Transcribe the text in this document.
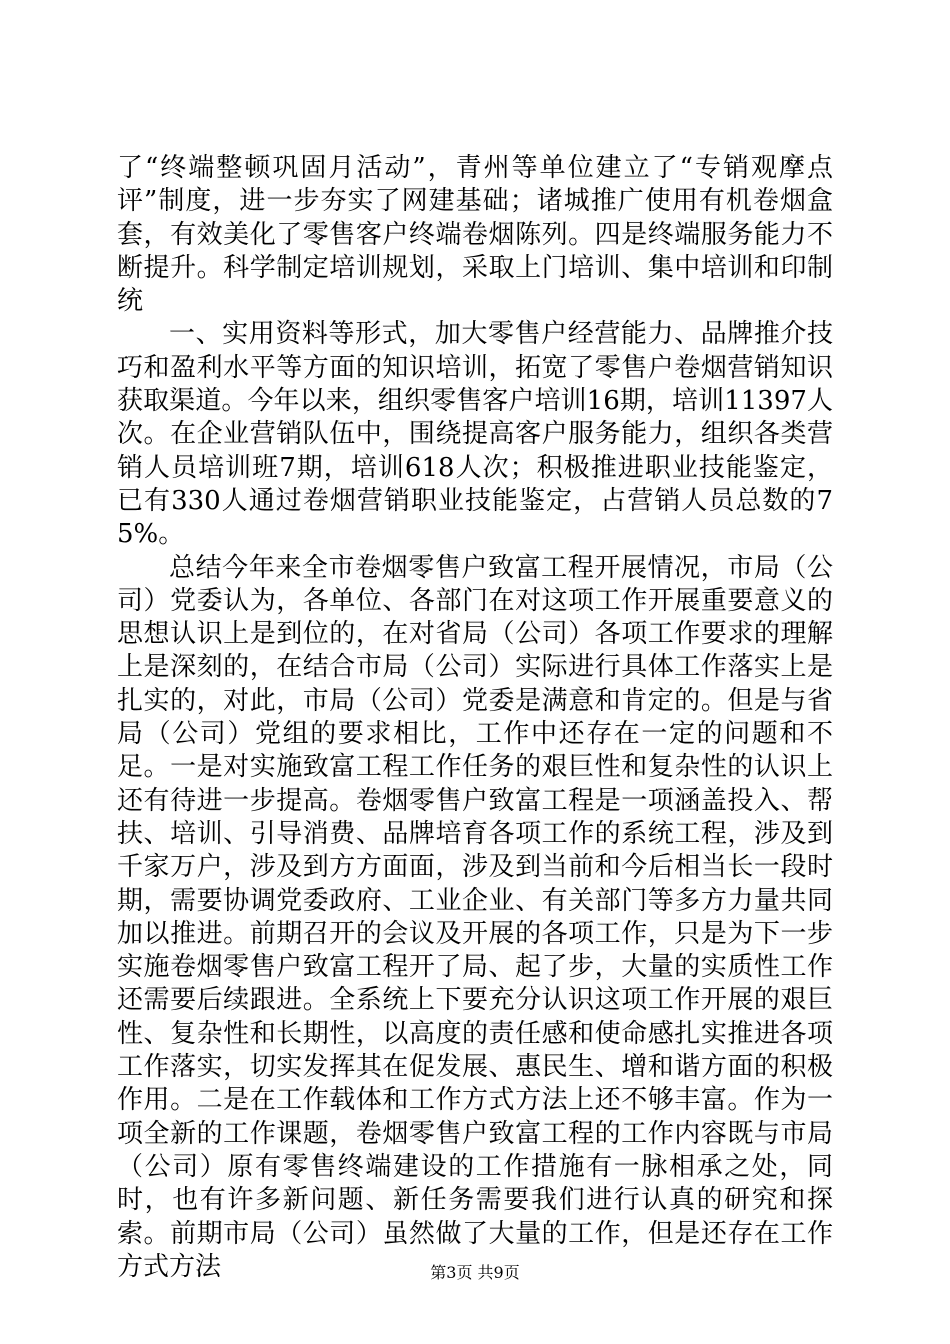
了“终端整顿巩固月活动”，青州等单位建立了“专销观摩点评”制度，进一步夯实了网建基础；诸城推广使用有机卷烟盒套，有效美化了零售客户终端卷烟陈列。四是终端服务能力不断提升。科学制定培训规划，采取上门培训、集中培训和印制统

一、实用资料等形式，加大零售户经营能力、品牌推介技巧和盈利水平等方面的知识培训，拓宽了零售户卷烟营销知识获取渠道。今年以来，组织零售客户培训16期，培训11397人次。在企业营销队伍中，围绕提高客户服务能力，组织各类营销人员培训班7期，培训618人次；积极推进职业技能鉴定，已有330人通过卷烟营销职业技能鉴定，占营销人员总数的75%。

总结今年来全市卷烟零售户致富工程开展情况，市局（公司）党委认为，各单位、各部门在对这项工作开展重要意义的思想认识上是到位的，在对省局（公司）各项工作要求的理解上是深刻的，在结合市局（公司）实际进行具体工作落实上是扎实的，对此，市局（公司）党委是满意和肯定的。但是与省局（公司）党组的要求相比，工作中还存在一定的问题和不足。一是对实施致富工程工作任务的艰巨性和复杂性的认识上还有待进一步提高。卷烟零售户致富工程是一项涵盖投入、帮扶、培训、引导消费、品牌培育各项工作的系统工程，涉及到千家万户，涉及到方方面面，涉及到当前和今后相当长一段时期，需要协调党委政府、工业企业、有关部门等多方力量共同加以推进。前期召开的会议及开展的各项工作，只是为下一步实施卷烟零售户致富工程开了局、起了步，大量的实质性工作还需要后续跟进。全系统上下要充分认识这项工作开展的艰巨性、复杂性和长期性，以高度的责任感和使命感扎实推进各项工作落实，切实发挥其在促发展、惠民生、增和谐方面的积极作用。二是在工作载体和工作方式方法上还不够丰富。作为一项全新的工作课题，卷烟零售户致富工程的工作内容既与市局（公司）原有零售终端建设的工作措施有一脉相承之处，同时，也有许多新问题、新任务需要我们进行认真的研究和探索。前期市局（公司）虽然做了大量的工作，但是还存在工作方式方法	第3页 共9页
